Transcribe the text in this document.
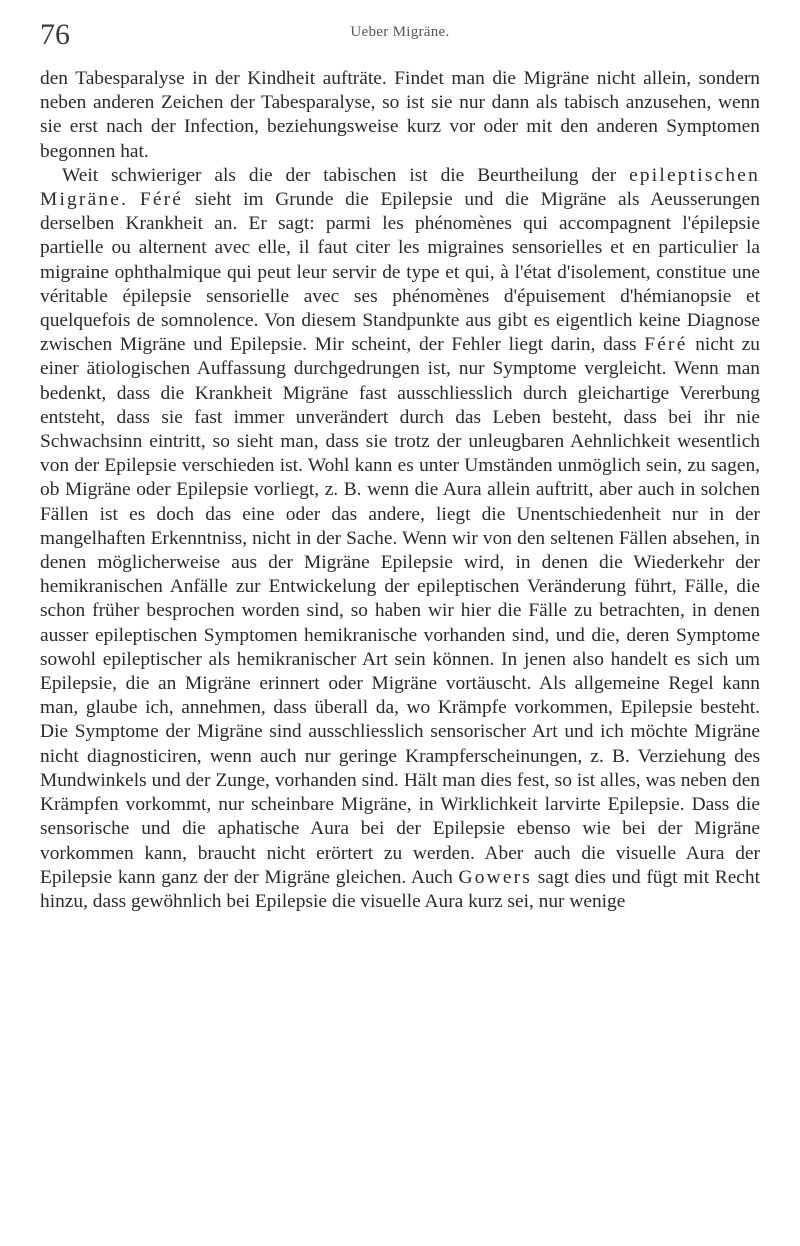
76	Ueber Migräne.

den Tabesparalyse in der Kindheit aufträte. Findet man die Migräne nicht allein, sondern neben anderen Zeichen der Tabesparalyse, so ist sie nur dann als tabisch anzusehen, wenn sie erst nach der Infection, beziehungsweise kurz vor oder mit den anderen Symptomen begonnen hat.

Weit schwieriger als die der tabischen ist die Beurtheilung der epileptischen Migräne. Féré sieht im Grunde die Epilepsie und die Migräne als Aeusserungen derselben Krankheit an. Er sagt: parmi les phénomènes qui accompagnent l'épilepsie partielle ou alternent avec elle, il faut citer les migraines sensorielles et en particulier la migraine ophthalmique qui peut leur servir de type et qui, à l'état d'isolement, constitue une véritable épilepsie sensorielle avec ses phénomènes d'épuisement d'hémianopsie et quelquefois de somnolence. Von diesem Standpunkte aus gibt es eigentlich keine Diagnose zwischen Migräne und Epilepsie. Mir scheint, der Fehler liegt darin, dass Féré nicht zu einer ätiologischen Auffassung durchgedrungen ist, nur Symptome vergleicht. Wenn man bedenkt, dass die Krankheit Migräne fast ausschliesslich durch gleichartige Vererbung entsteht, dass sie fast immer unverändert durch das Leben besteht, dass bei ihr nie Schwachsinn eintritt, so sieht man, dass sie trotz der unleugbaren Aehnlichkeit wesentlich von der Epilepsie verschieden ist. Wohl kann es unter Umständen unmöglich sein, zu sagen, ob Migräne oder Epilepsie vorliegt, z. B. wenn die Aura allein auftritt, aber auch in solchen Fällen ist es doch das eine oder das andere, liegt die Unentschiedenheit nur in der mangelhaften Erkenntniss, nicht in der Sache. Wenn wir von den seltenen Fällen absehen, in denen möglicherweise aus der Migräne Epilepsie wird, in denen die Wiederkehr der hemikranischen Anfälle zur Entwickelung der epileptischen Veränderung führt, Fälle, die schon früher besprochen worden sind, so haben wir hier die Fälle zu betrachten, in denen ausser epileptischen Symptomen hemikranische vorhanden sind, und die, deren Symptome sowohl epileptischer als hemikranischer Art sein können. In jenen also handelt es sich um Epilepsie, die an Migräne erinnert oder Migräne vortäuscht. Als allgemeine Regel kann man, glaube ich, annehmen, dass überall da, wo Krämpfe vorkommen, Epilepsie besteht. Die Symptome der Migräne sind ausschliesslich sensorischer Art und ich möchte Migräne nicht diagnosticiren, wenn auch nur geringe Krampferscheinungen, z. B. Verziehung des Mundwinkels und der Zunge, vorhanden sind. Hält man dies fest, so ist alles, was neben den Krämpfen vorkommt, nur scheinbare Migräne, in Wirklichkeit larvirte Epilepsie. Dass die sensorische und die aphatische Aura bei der Epilepsie ebenso wie bei der Migräne vorkommen kann, braucht nicht erörtert zu werden. Aber auch die visuelle Aura der Epilepsie kann ganz der der Migräne gleichen. Auch Gowers sagt dies und fügt mit Recht hinzu, dass gewöhnlich bei Epilepsie die visuelle Aura kurz sei, nur wenige
